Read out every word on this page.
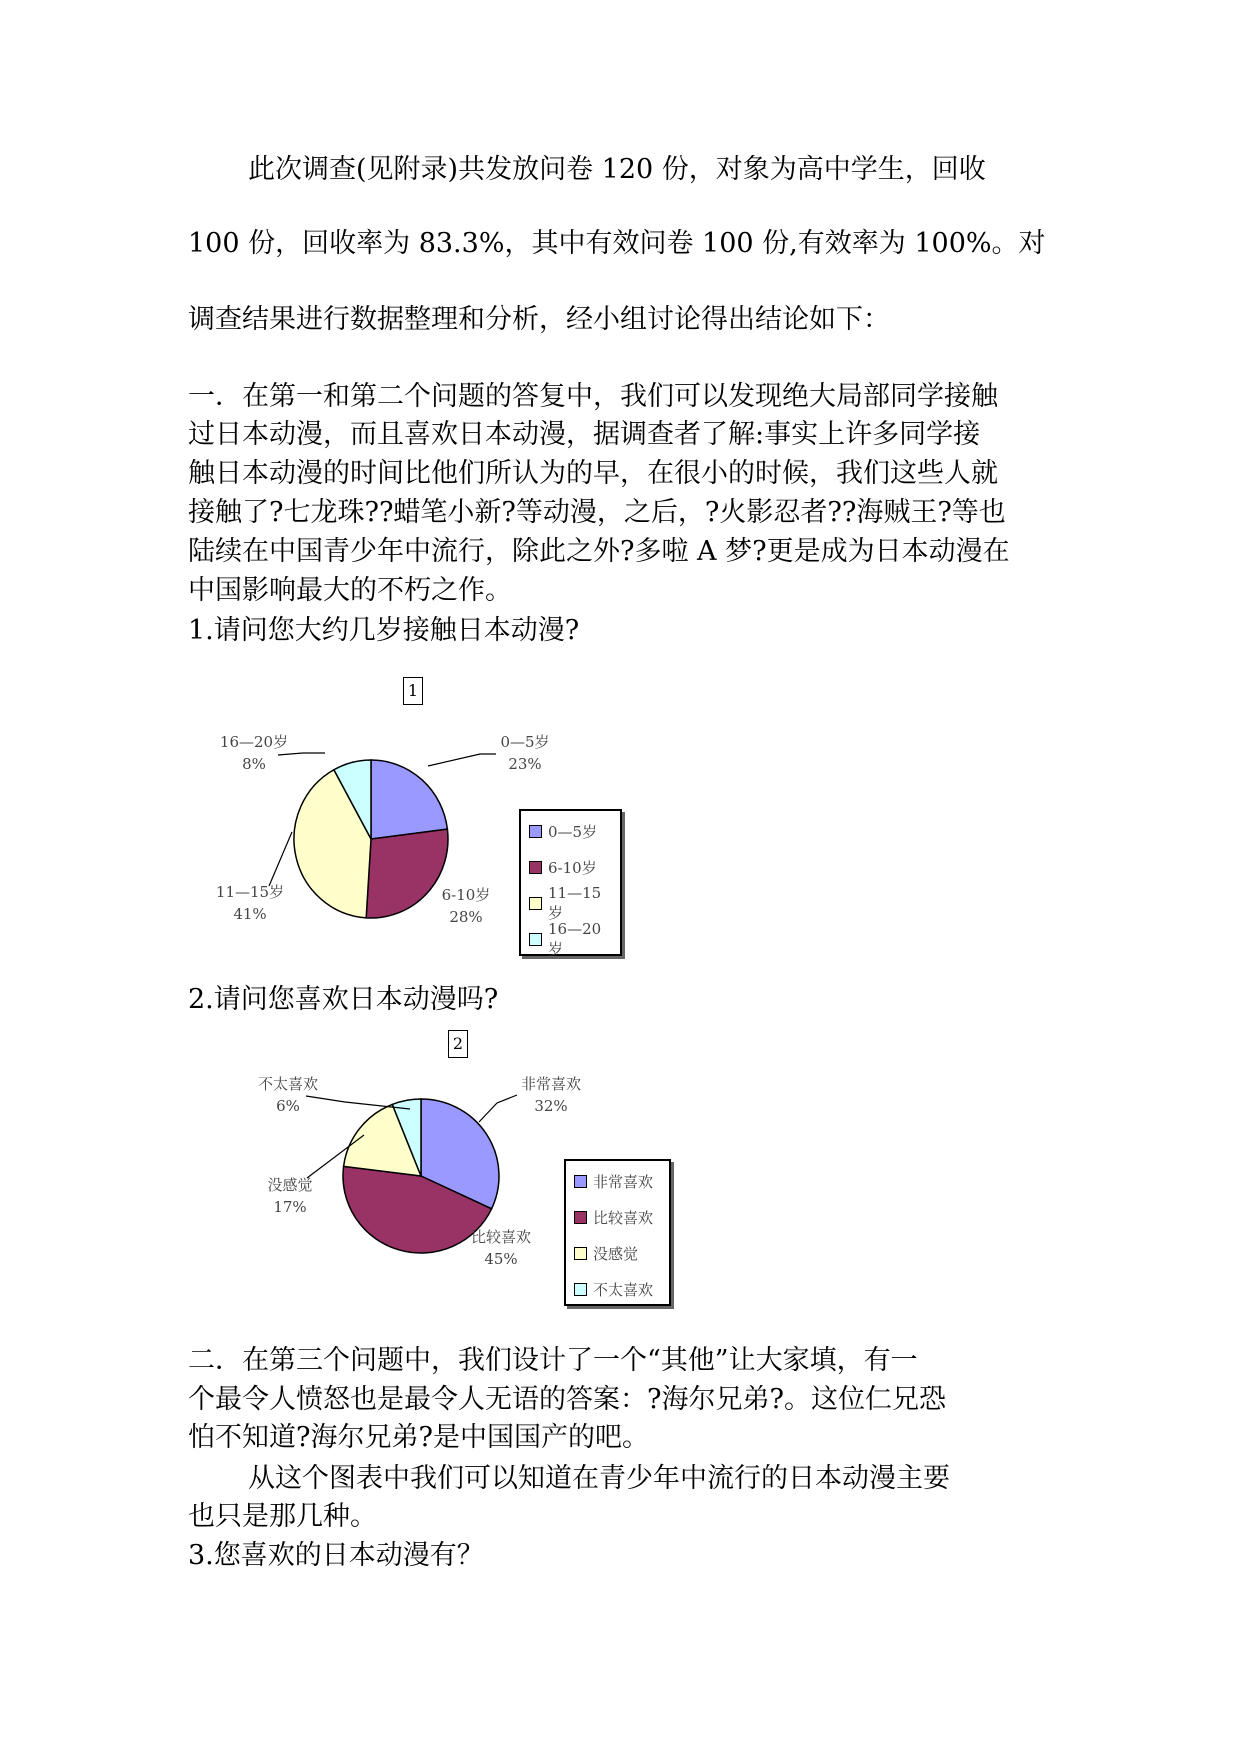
此次调查(见附录)共发放问卷 120 份，对象为高中学生，回收
100 份，回收率为 83.3%，其中有效问卷 100 份,有效率为 100%。对
调查结果进行数据整理和分析，经小组讨论得出结论如下：
一．在第一和第二个问题的答复中，我们可以发现绝大局部同学接触
过日本动漫，而且喜欢日本动漫，据调查者了解:事实上许多同学接
触日本动漫的时间比他们所认为的早，在很小的时候，我们这些人就
接触了?七龙珠??蜡笔小新?等动漫，之后，?火影忍者??海贼王?等也
陆续在中国青少年中流行，除此之外?多啦 A 梦?更是成为日本动漫在
中国影响最大的不朽之作。
1.请问您大约几岁接触日本动漫?
1
0—5岁
23%
6-10岁
28%
11—15岁
41%
16—20岁
8%
0—5岁
6-10岁
11—15岁
16—20岁
2.请问您喜欢日本动漫吗?
2
非常喜欢
32%
比较喜欢
45%
没感觉
17%
不太喜欢
6%
非常喜欢
比较喜欢
没感觉
不太喜欢
二．在第三个问题中，我们设计了一个“其他”让大家填，有一
个最令人愤怒也是最令人无语的答案：?海尔兄弟?。这位仁兄恐
怕不知道?海尔兄弟?是中国国产的吧。
从这个图表中我们可以知道在青少年中流行的日本动漫主要
也只是那几种。
3.您喜欢的日本动漫有？
